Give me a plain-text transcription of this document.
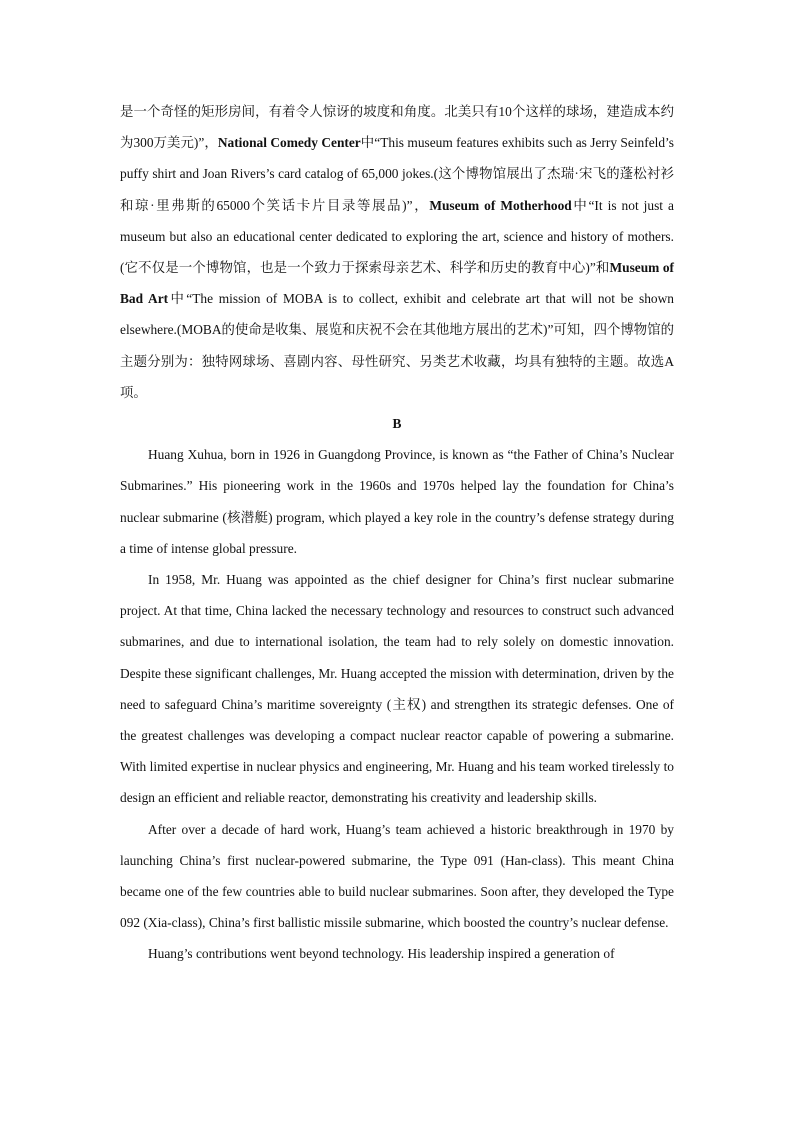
是一个奇怪的矩形房间，有着令人惊讶的坡度和角度。北美只有10个这样的球场，建造成本约为300万美元)”，National Comedy Center中“This museum features exhibits such as Jerry Seinfeld’s puffy shirt and Joan Rivers’s card catalog of 65,000 jokes.(这个博物馆展出了杰瑞·宋飞的蓬松衬衫和琼·里弗斯的65000个笑话卡片目录等展品)”，Museum of Motherhood中“It is not just a museum but also an educational center dedicated to exploring the art, science and history of mothers.(它不仅是一个博物馆，也是一个致力于探索母亲艺术、科学和历史的教育中心)”和Museum of Bad Art中“The mission of MOBA is to collect, exhibit and celebrate art that will not be shown elsewhere.(MOBA的使命是收集、展览和庆祝不会在其他地方展出的艺术)”可知，四个博物馆的主题分别为：独特网球场、喜剧内容、母性研究、另类艺术收藏，均具有独特的主题。故选A项。

B

Huang Xuhua, born in 1926 in Guangdong Province, is known as “the Father of China’s Nuclear Submarines.” His pioneering work in the 1960s and 1970s helped lay the foundation for China’s nuclear submarine (核潜艇) program, which played a key role in the country’s defense strategy during a time of intense global pressure.

In 1958, Mr. Huang was appointed as the chief designer for China’s first nuclear submarine project. At that time, China lacked the necessary technology and resources to construct such advanced submarines, and due to international isolation, the team had to rely solely on domestic innovation. Despite these significant challenges, Mr. Huang accepted the mission with determination, driven by the need to safeguard China’s maritime sovereignty (主权) and strengthen its strategic defenses. One of the greatest challenges was developing a compact nuclear reactor capable of powering a submarine. With limited expertise in nuclear physics and engineering, Mr. Huang and his team worked tirelessly to design an efficient and reliable reactor, demonstrating his creativity and leadership skills.

After over a decade of hard work, Huang’s team achieved a historic breakthrough in 1970 by launching China’s first nuclear-powered submarine, the Type 091 (Han-class). This meant China became one of the few countries able to build nuclear submarines. Soon after, they developed the Type 092 (Xia-class), China’s first ballistic missile submarine, which boosted the country’s nuclear defense.

Huang’s contributions went beyond technology. His leadership inspired a generation of
